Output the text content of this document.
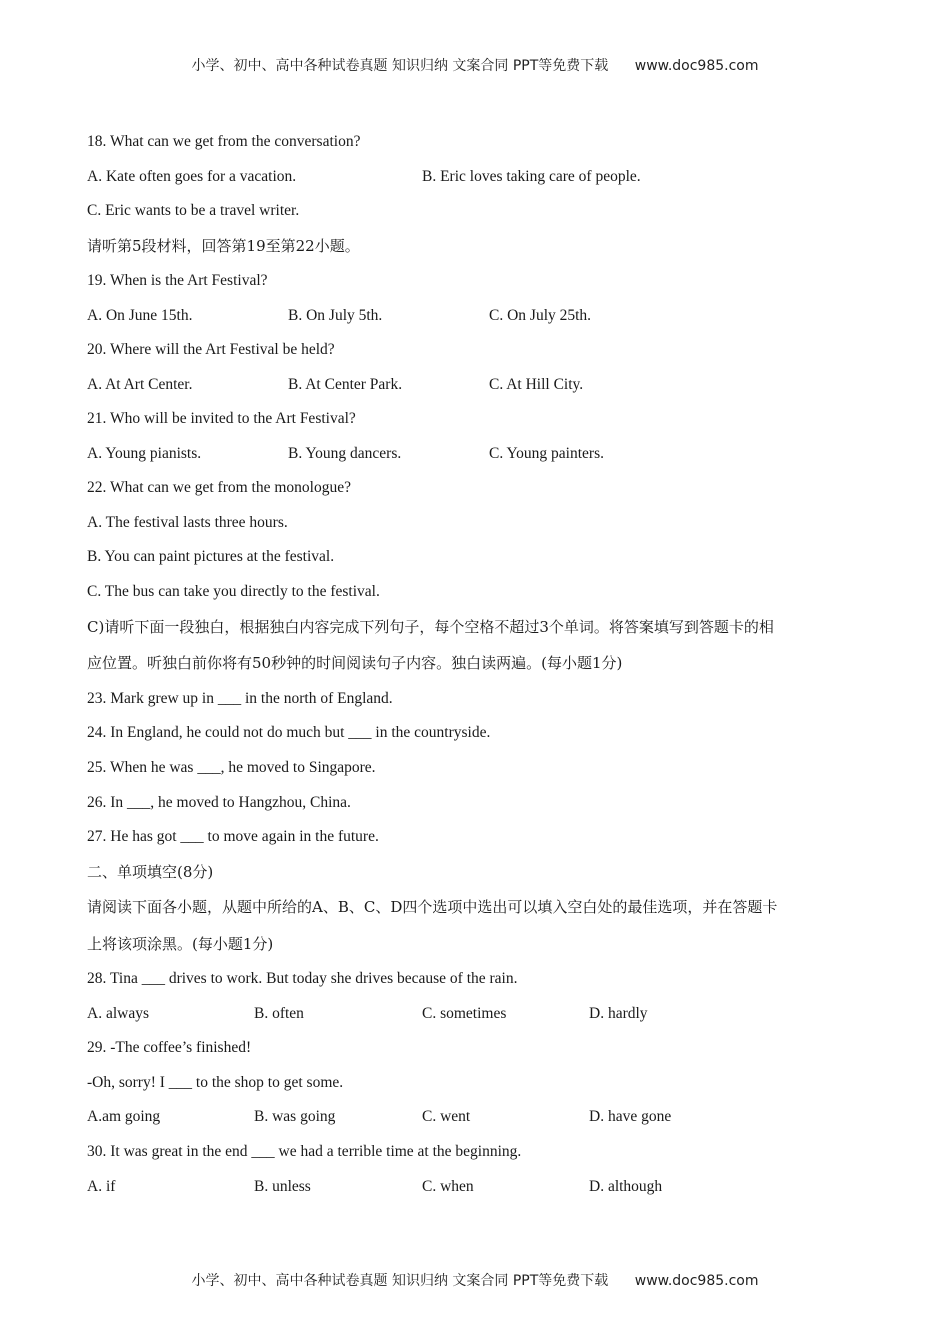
小学、初中、高中各种试卷真题 知识归纳 文案合同 PPT等免费下载 www.doc985.com
18. What can we get from the conversation?
A. Kate often goes for a vacation.	B. Eric loves taking care of people.
C. Eric wants to be a travel writer.
请听第5段材料，回答第19至第22小题。
19. When is the Art Festival?
A. On June 15th.	B. On July 5th.	C. On July 25th.
20. Where will the Art Festival be held?
A. At Art Center.	B. At Center Park.	C. At Hill City.
21. Who will be invited to the Art Festival?
A. Young pianists.	B. Young dancers.	C. Young painters.
22. What can we get from the monologue?
A. The festival lasts three hours.
B. You can paint pictures at the festival.
C. The bus can take you directly to the festival.
C)请听下面一段独白，根据独白内容完成下列句子，每个空格不超过3个单词。将答案填写到答题卡的相
应位置。听独白前你将有50秒钟的时间阅读句子内容。独白读两遍。(每小题1分)
23. Mark grew up in ___ in the north of England.
24. In England, he could not do much but ___ in the countryside.
25. When he was ___, he moved to Singapore.
26. In ___, he moved to Hangzhou, China.
27. He has got ___ to move again in the future.
二、单项填空(8分)
请阅读下面各小题，从题中所给的A、B、C、D四个选项中选出可以填入空白处的最佳选项，并在答题卡
上将该项涂黑。(每小题1分)
28. Tina ___ drives to work. But today she drives because of the rain.
A. always	B. often	C. sometimes	D. hardly
29. -The coffee’s finished!
-Oh, sorry! I ___ to the shop to get some.
A.am going	B. was going	C. went	D. have gone
30. It was great in the end ___ we had a terrible time at the beginning.
A. if	B. unless	C. when	D. although
小学、初中、高中各种试卷真题 知识归纳 文案合同 PPT等免费下载 www.doc985.com
